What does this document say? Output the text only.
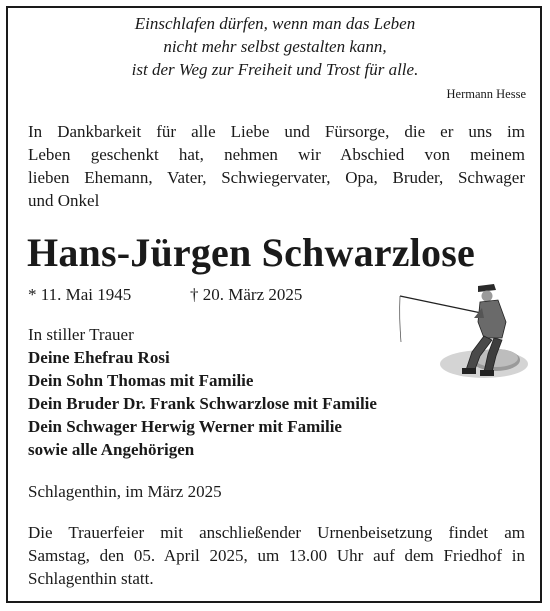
Einschlafen dürfen, wenn man das Leben
nicht mehr selbst gestalten kann,
ist der Weg zur Freiheit und Trost für alle.
Hermann Hesse
In Dankbarkeit für alle Liebe und Fürsorge, die er uns im
Leben geschenkt hat, nehmen wir Abschied von meinem
lieben Ehemann, Vater, Schwiegervater, Opa, Bruder, Schwager
und Onkel
Hans-Jürgen Schwarzlose
* 11. Mai 1945	† 20. März 2025
In stiller Trauer
Deine Ehefrau Rosi
Dein Sohn Thomas mit Familie
Dein Bruder Dr. Frank Schwarzlose mit Familie
Dein Schwager Herwig Werner mit Familie
sowie alle Angehörigen
Schlagenthin, im März 2025
Die Trauerfeier mit anschließender Urnenbeisetzung findet am
Samstag, den 05. April 2025, um 13.00 Uhr auf dem Friedhof in
Schlagenthin statt.
